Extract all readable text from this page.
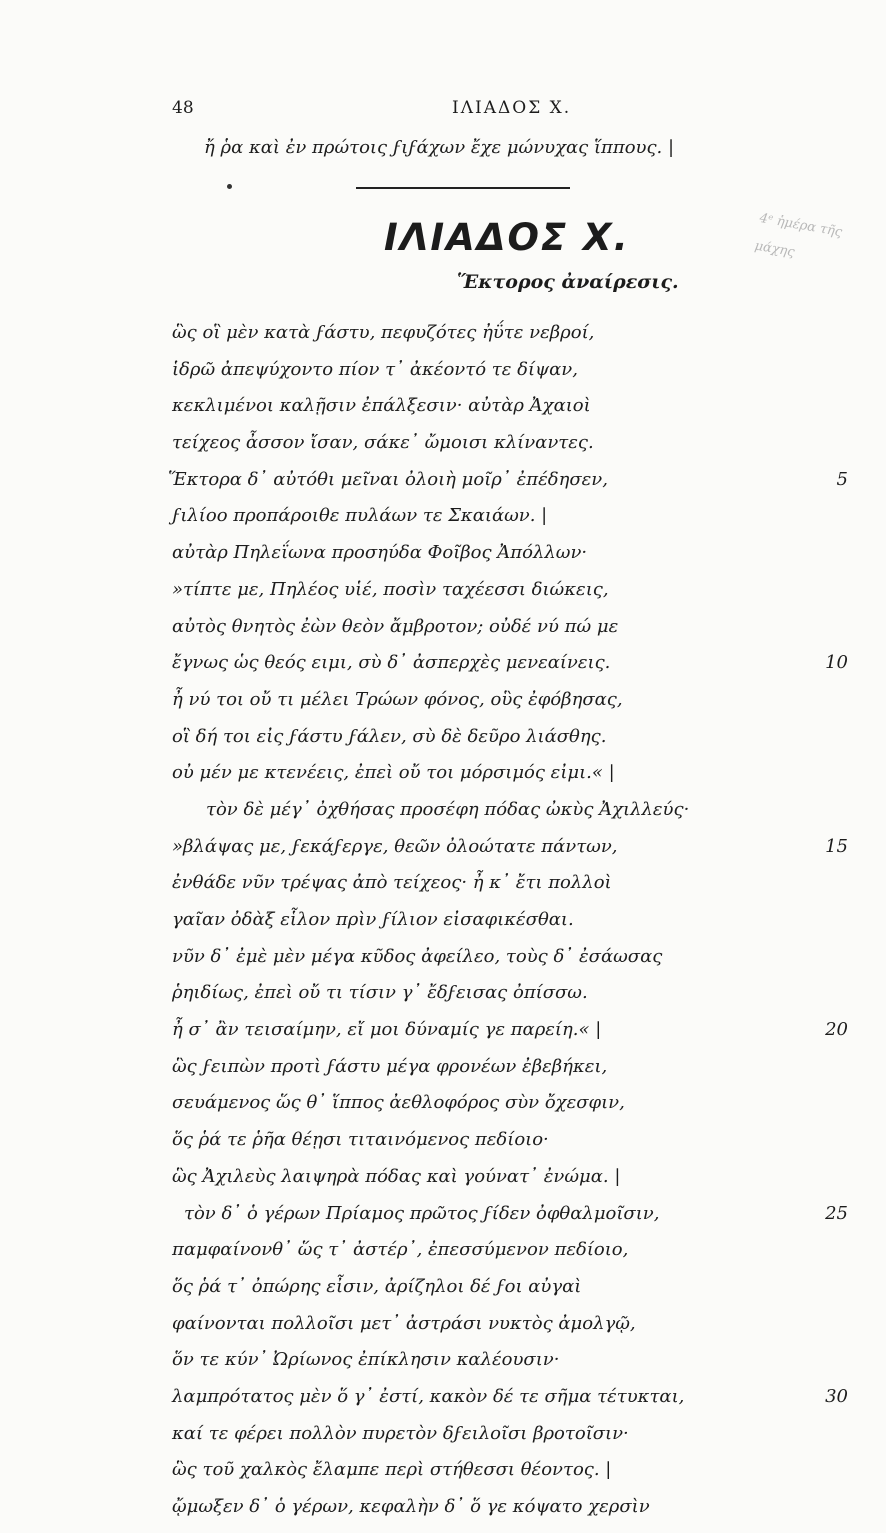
48	ΙΛΙΑΔΟΣ Χ.
ἤ ῥα καὶ ἐν πρώτοις ϝιϝάχων ἔχε μώνυχας ἵππους. |
ΙΛΙΑΔΟΣ Χ.
Ἕκτορος ἀναίρεσις.
4ᵉ ἡμέρα τῆς μάχης
ὣς οἳ μὲν κατὰ ϝάστυ, πεφυζότες ἠΰτε νεβροί,
ἱδρῶ ἀπεψύχοντο πίον τ᾽ ἀκέοντό τε δίψαν,
κεκλιμένοι καλῇσιν ἐπάλξεσιν· αὐτὰρ Ἀχαιοὶ
τείχεος ἆσσον ἴσαν, σάκε᾽ ὤμοισι κλίναντες.
Ἕκτορα δ᾽ αὐτόθι μεῖναι ὀλοιὴ μοῖρ᾽ ἐπέδησεν,	5
ϝιλίοο προπάροιθε πυλάων τε Σκαιάων. |
αὐτὰρ Πηλεΐωνα προσηύδα Φοῖβος Ἀπόλλων·
»τίπτε με, Πηλέος υἱέ, ποσὶν ταχέεσσι διώκεις,
αὐτὸς θνητὸς ἐὼν θεὸν ἄμβροτον; οὐδέ νύ πώ με
ἔγνως ὡς θεός ειμι, σὺ δ᾽ ἀσπερχὲς μενεαίνεις.	10
ἦ νύ τοι οὔ τι μέλει Τρώων φόνος, οὓς ἐφόβησας,
οἳ δή τοι εἰς ϝάστυ ϝάλεν, σὺ δὲ δεῦρο λιάσθης.
οὐ μέν με κτενέεις, ἐπεὶ οὔ τοι μόρσιμός εἰμι.« |
τὸν δὲ μέγ᾽ ὀχθήσας προσέφη πόδας ὠκὺς Ἀχιλλεύς·
»βλάψας με, ϝεκάϝεργε, θεῶν ὀλοώτατε πάντων,	15
ἐνθάδε νῦν τρέψας ἀπὸ τείχεος· ἦ κ᾽ ἔτι πολλοὶ
γαῖαν ὀδὰξ εἷλον πρὶν ϝίλιον εἰσαφικέσθαι.
νῦν δ᾽ ἐμὲ μὲν μέγα κῦδος ἀφείλεο, τοὺς δ᾽ ἐσάωσας
ῥηιδίως, ἐπεὶ οὔ τι τίσιν γ᾽ ἔδϝεισας ὀπίσσω.
ἦ σ᾽ ἂν τεισαίμην, εἴ μοι δύναμίς γε παρείη.« |	20
ὣς ϝειπὼν προτὶ ϝάστυ μέγα φρονέων ἐβεβήκει,
σευάμενος ὥς θ᾽ ἵππος ἀεθλοφόρος σὺν ὄχεσφιν,
ὅς ῥά τε ῥῆα θέῃσι τιταινόμενος πεδίοιο·
ὣς Ἀχιλεὺς λαιψηρὰ πόδας καὶ γούνατ᾽ ἐνώμα. |
τὸν δ᾽ ὁ γέρων Πρίαμος πρῶτος ϝίδεν ὀφθαλμοῖσιν,	25
παμφαίνονθ᾽ ὥς τ᾽ ἀστέρ᾽, ἐπεσσύμενον πεδίοιο,
ὅς ῥά τ᾽ ὀπώρης εἶσιν, ἀρίζηλοι δέ ϝοι αὐγαὶ
φαίνονται πολλοῖσι μετ᾽ ἀστράσι νυκτὸς ἀμολγῷ,
ὅν τε κύν᾽ Ὠρίωνος ἐπίκλησιν καλέουσιν·
λαμπρότατος μὲν ὅ γ᾽ ἐστί, κακὸν δέ τε σῆμα τέτυκται,	30
καί τε φέρει πολλὸν πυρετὸν δϝειλοῖσι βροτοῖσιν·
ὣς τοῦ χαλκὸς ἔλαμπε περὶ στήθεσσι θέοντος. |
ᾤμωξεν δ᾽ ὁ γέρων, κεφαλὴν δ᾽ ὅ γε κόψατο χερσὶν
